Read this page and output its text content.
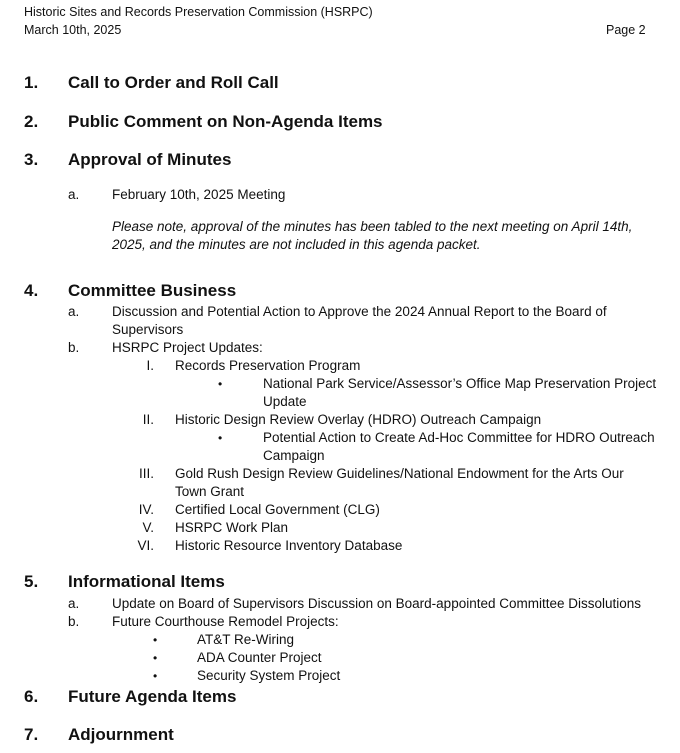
Historic Sites and Records Preservation Commission (HSRPC)
March 10th, 2025	Page 2
1. Call to Order and Roll Call
2. Public Comment on Non-Agenda Items
3. Approval of Minutes
a. February 10th, 2025 Meeting
Please note, approval of the minutes has been tabled to the next meeting on April 14th, 2025, and the minutes are not included in this agenda packet.
4. Committee Business
a. Discussion and Potential Action to Approve the 2024 Annual Report to the Board of Supervisors
b. HSRPC Project Updates:
I. Records Preservation Program
•	National Park Service/Assessor’s Office Map Preservation Project Update
II. Historic Design Review Overlay (HDRO) Outreach Campaign
•	Potential Action to Create Ad-Hoc Committee for HDRO Outreach Campaign
III. Gold Rush Design Review Guidelines/National Endowment for the Arts Our Town Grant
IV. Certified Local Government (CLG)
V. HSRPC Work Plan
VI. Historic Resource Inventory Database
5. Informational Items
a. Update on Board of Supervisors Discussion on Board-appointed Committee Dissolutions
b. Future Courthouse Remodel Projects:
•	AT&T Re-Wiring
•	ADA Counter Project
•	Security System Project
6. Future Agenda Items
7. Adjournment
